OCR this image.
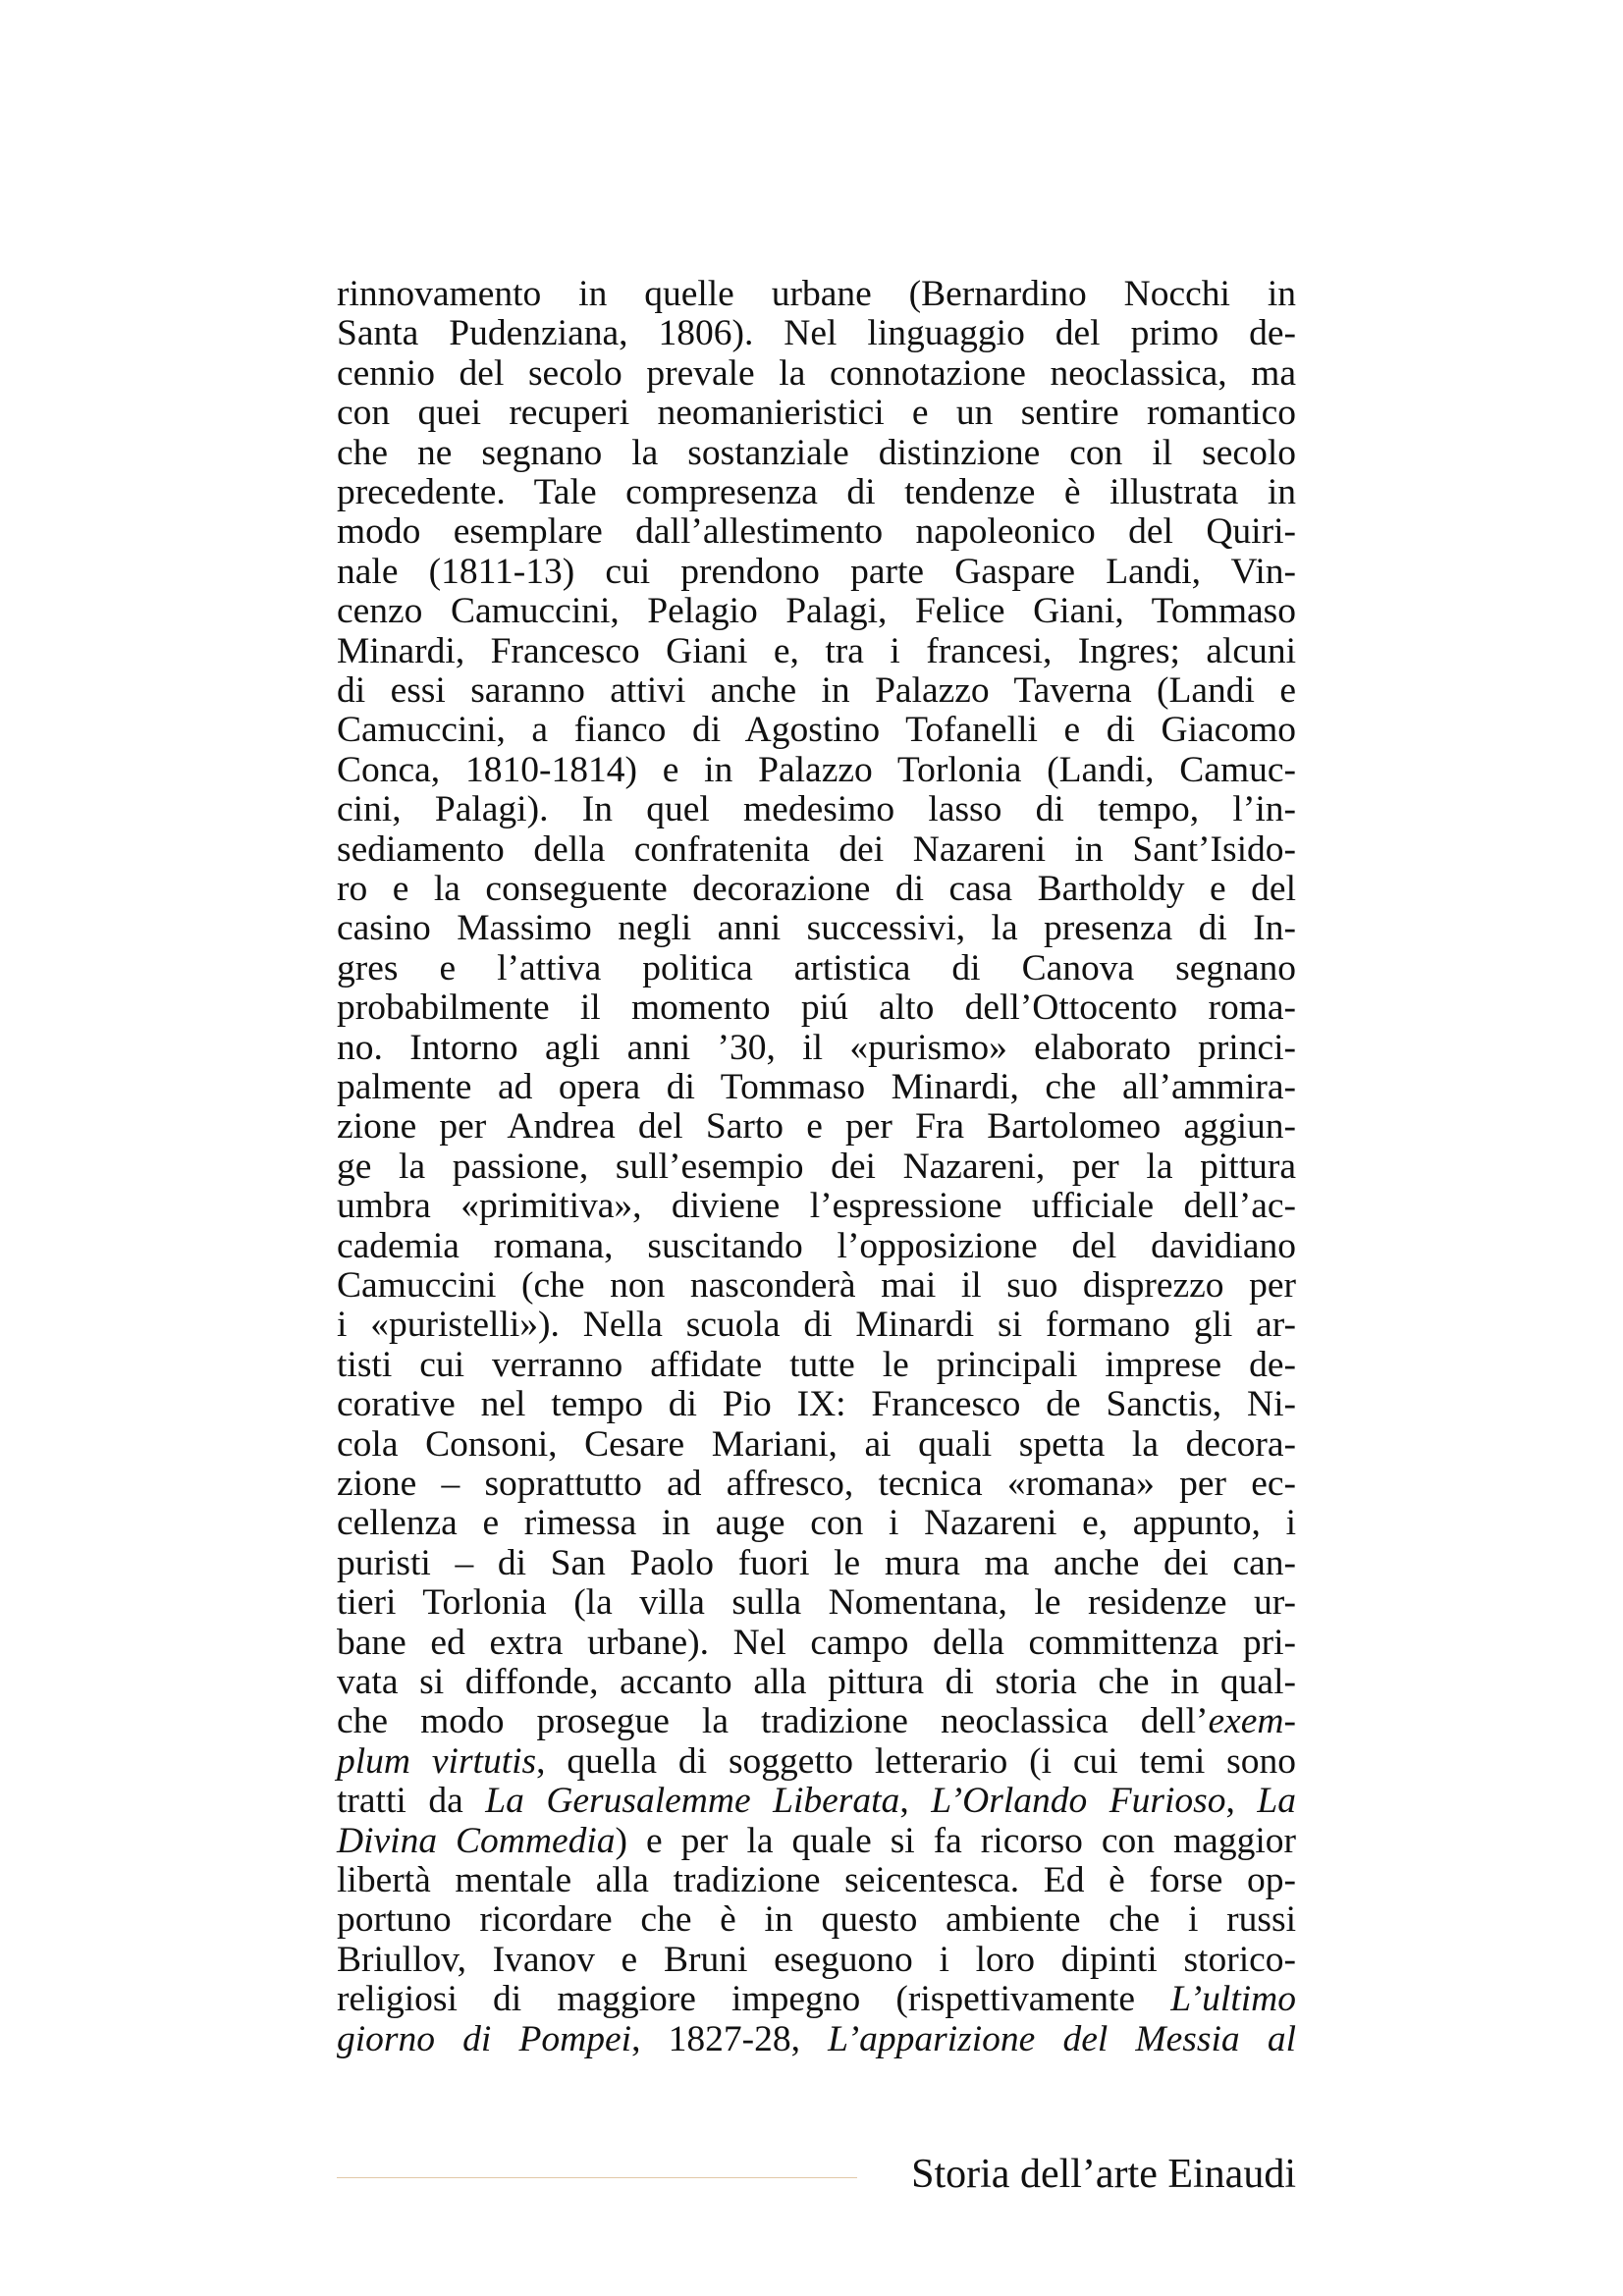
rinnovamento in quelle urbane (Bernardino Nocchi in
Santa Pudenziana, 1806). Nel linguaggio del primo de-
cennio del secolo prevale la connotazione neoclassica, ma
con quei recuperi neomanieristici e un sentire romantico
che ne segnano la sostanziale distinzione con il secolo
precedente. Tale compresenza di tendenze è illustrata in
modo esemplare dall’allestimento napoleonico del Quiri-
nale (1811-13) cui prendono parte Gaspare Landi, Vin-
cenzo Camuccini, Pelagio Palagi, Felice Giani, Tommaso
Minardi, Francesco Giani e, tra i francesi, Ingres; alcuni
di essi saranno attivi anche in Palazzo Taverna (Landi e
Camuccini, a fianco di Agostino Tofanelli e di Giacomo
Conca, 1810-1814) e in Palazzo Torlonia (Landi, Camuc-
cini, Palagi). In quel medesimo lasso di tempo, l’in-
sediamento della confratenita dei Nazareni in Sant’Isido-
ro e la conseguente decorazione di casa Bartholdy e del
casino Massimo negli anni successivi, la presenza di In-
gres e l’attiva politica artistica di Canova segnano
probabilmente il momento piú alto dell’Ottocento roma-
no. Intorno agli anni ’30, il «purismo» elaborato princi-
palmente ad opera di Tommaso Minardi, che all’ammira-
zione per Andrea del Sarto e per Fra Bartolomeo aggiun-
ge la passione, sull’esempio dei Nazareni, per la pittura
umbra «primitiva», diviene l’espressione ufficiale dell’ac-
cademia romana, suscitando l’opposizione del davidiano
Camuccini (che non nasconderà mai il suo disprezzo per
i «puristelli»). Nella scuola di Minardi si formano gli ar-
tisti cui verranno affidate tutte le principali imprese de-
corative nel tempo di Pio IX: Francesco de Sanctis, Ni-
cola Consoni, Cesare Mariani, ai quali spetta la decora-
zione – soprattutto ad affresco, tecnica «romana» per ec-
cellenza e rimessa in auge con i Nazareni e, appunto, i
puristi – di San Paolo fuori le mura ma anche dei can-
tieri Torlonia (la villa sulla Nomentana, le residenze ur-
bane ed extra urbane). Nel campo della committenza pri-
vata si diffonde, accanto alla pittura di storia che in qual-
che modo prosegue la tradizione neoclassica dell’exem-
plum virtutis, quella di soggetto letterario (i cui temi sono
tratti da La Gerusalemme Liberata, L’Orlando Furioso, La
Divina Commedia) e per la quale si fa ricorso con maggior
libertà mentale alla tradizione seicentesca. Ed è forse op-
portuno ricordare che è in questo ambiente che i russi
Briullov, Ivanov e Bruni eseguono i loro dipinti storico-
religiosi di maggiore impegno (rispettivamente L’ultimo
giorno di Pompei, 1827-28, L’apparizione del Messia al
Storia dell’arte Einaudi
